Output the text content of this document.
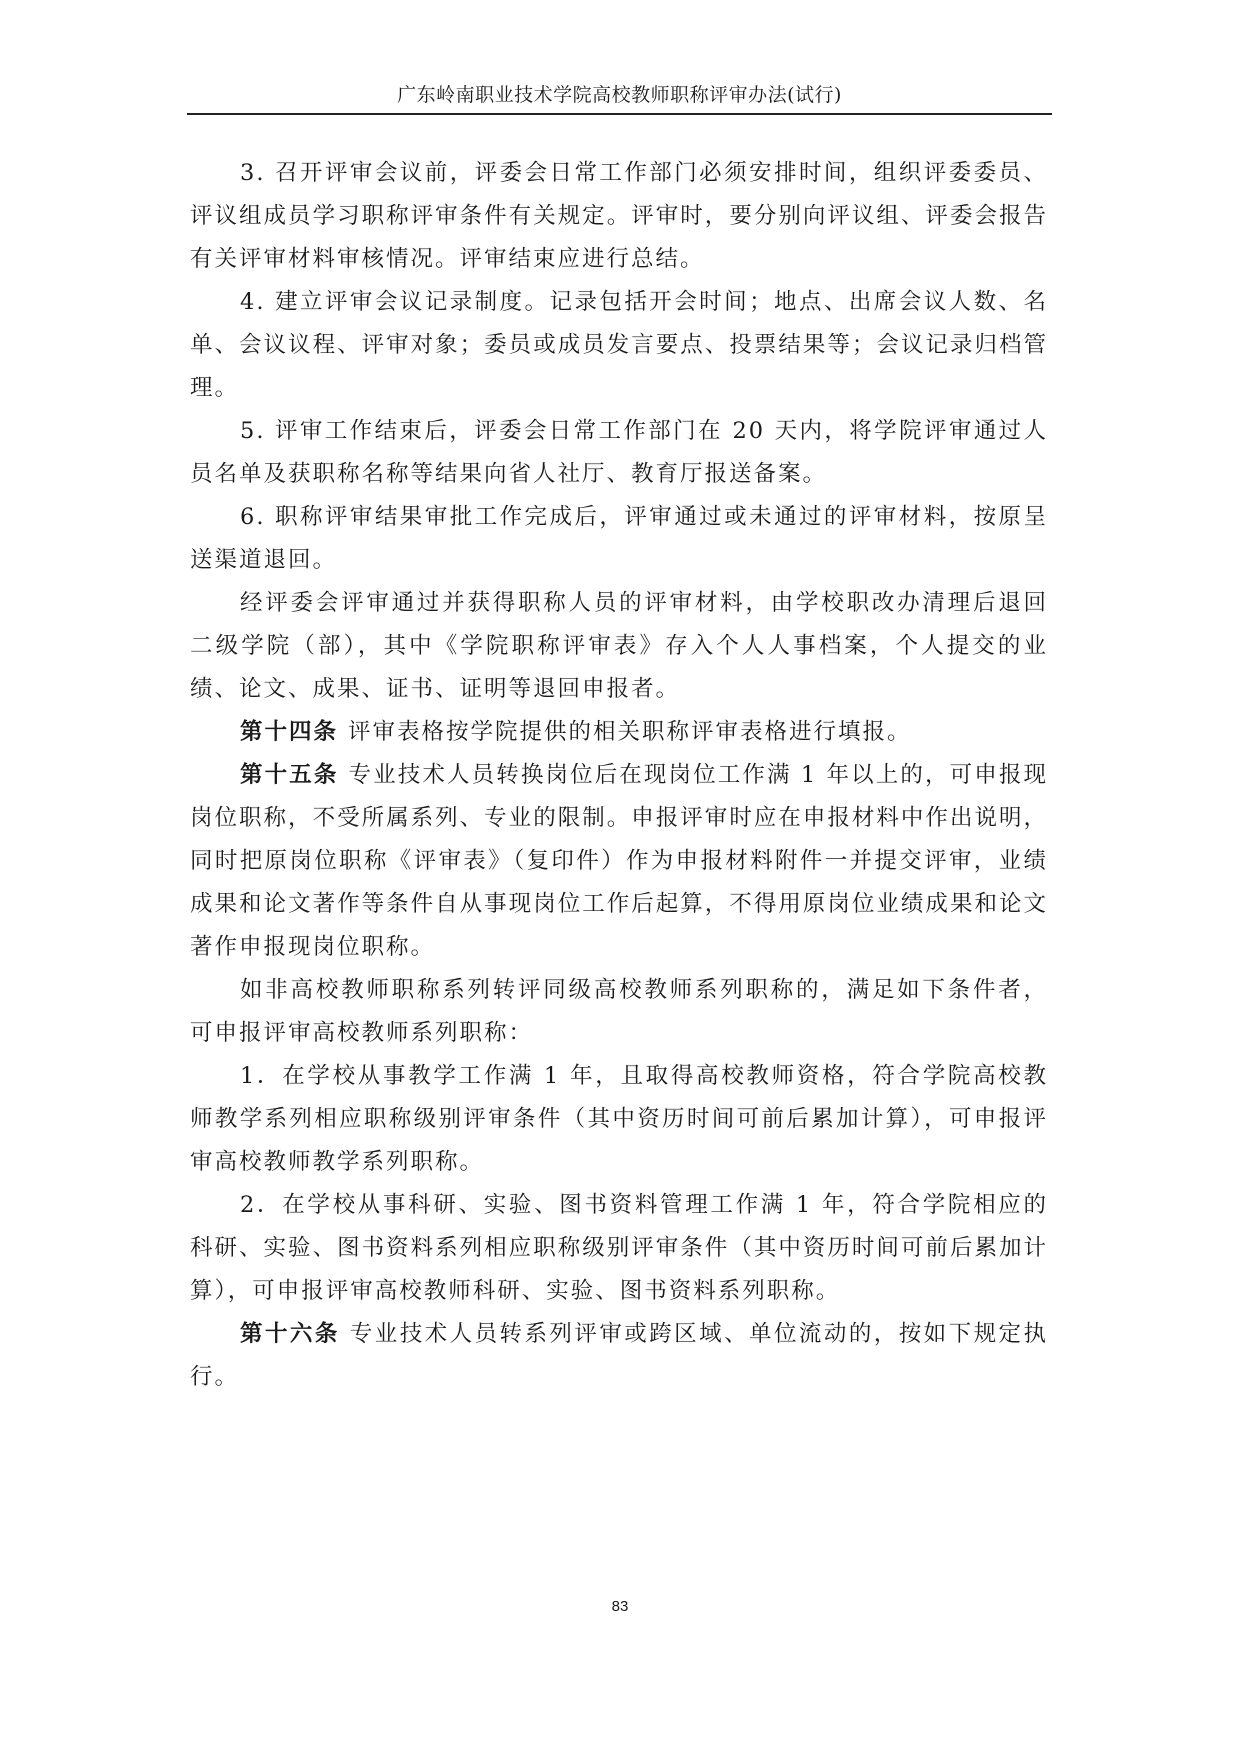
广东岭南职业技术学院高校教师职称评审办法(试行)

3. 召开评审会议前，评委会日常工作部门必须安排时间，组织评委委员、评议组成员学习职称评审条件有关规定。评审时，要分别向评议组、评委会报告有关评审材料审核情况。评审结束应进行总结。

4. 建立评审会议记录制度。记录包括开会时间；地点、出席会议人数、名单、会议议程、评审对象；委员或成员发言要点、投票结果等；会议记录归档管理。

5. 评审工作结束后，评委会日常工作部门在 20 天内，将学院评审通过人员名单及获职称名称等结果向省人社厅、教育厅报送备案。

6. 职称评审结果审批工作完成后，评审通过或未通过的评审材料，按原呈送渠道退回。

经评委会评审通过并获得职称人员的评审材料，由学校职改办清理后退回二级学院（部），其中《学院职称评审表》存入个人人事档案，个人提交的业绩、论文、成果、证书、证明等退回申报者。

第十四条 评审表格按学院提供的相关职称评审表格进行填报。

第十五条 专业技术人员转换岗位后在现岗位工作满 1 年以上的，可申报现岗位职称，不受所属系列、专业的限制。申报评审时应在申报材料中作出说明，同时把原岗位职称《评审表》（复印件）作为申报材料附件一并提交评审，业绩成果和论文著作等条件自从事现岗位工作后起算，不得用原岗位业绩成果和论文著作申报现岗位职称。

如非高校教师职称系列转评同级高校教师系列职称的，满足如下条件者，可申报评审高校教师系列职称：

1．在学校从事教学工作满 1 年，且取得高校教师资格，符合学院高校教师教学系列相应职称级别评审条件（其中资历时间可前后累加计算），可申报评审高校教师教学系列职称。

2．在学校从事科研、实验、图书资料管理工作满 1 年，符合学院相应的科研、实验、图书资料系列相应职称级别评审条件（其中资历时间可前后累加计算），可申报评审高校教师科研、实验、图书资料系列职称。

第十六条 专业技术人员转系列评审或跨区域、单位流动的，按如下规定执行。

83
